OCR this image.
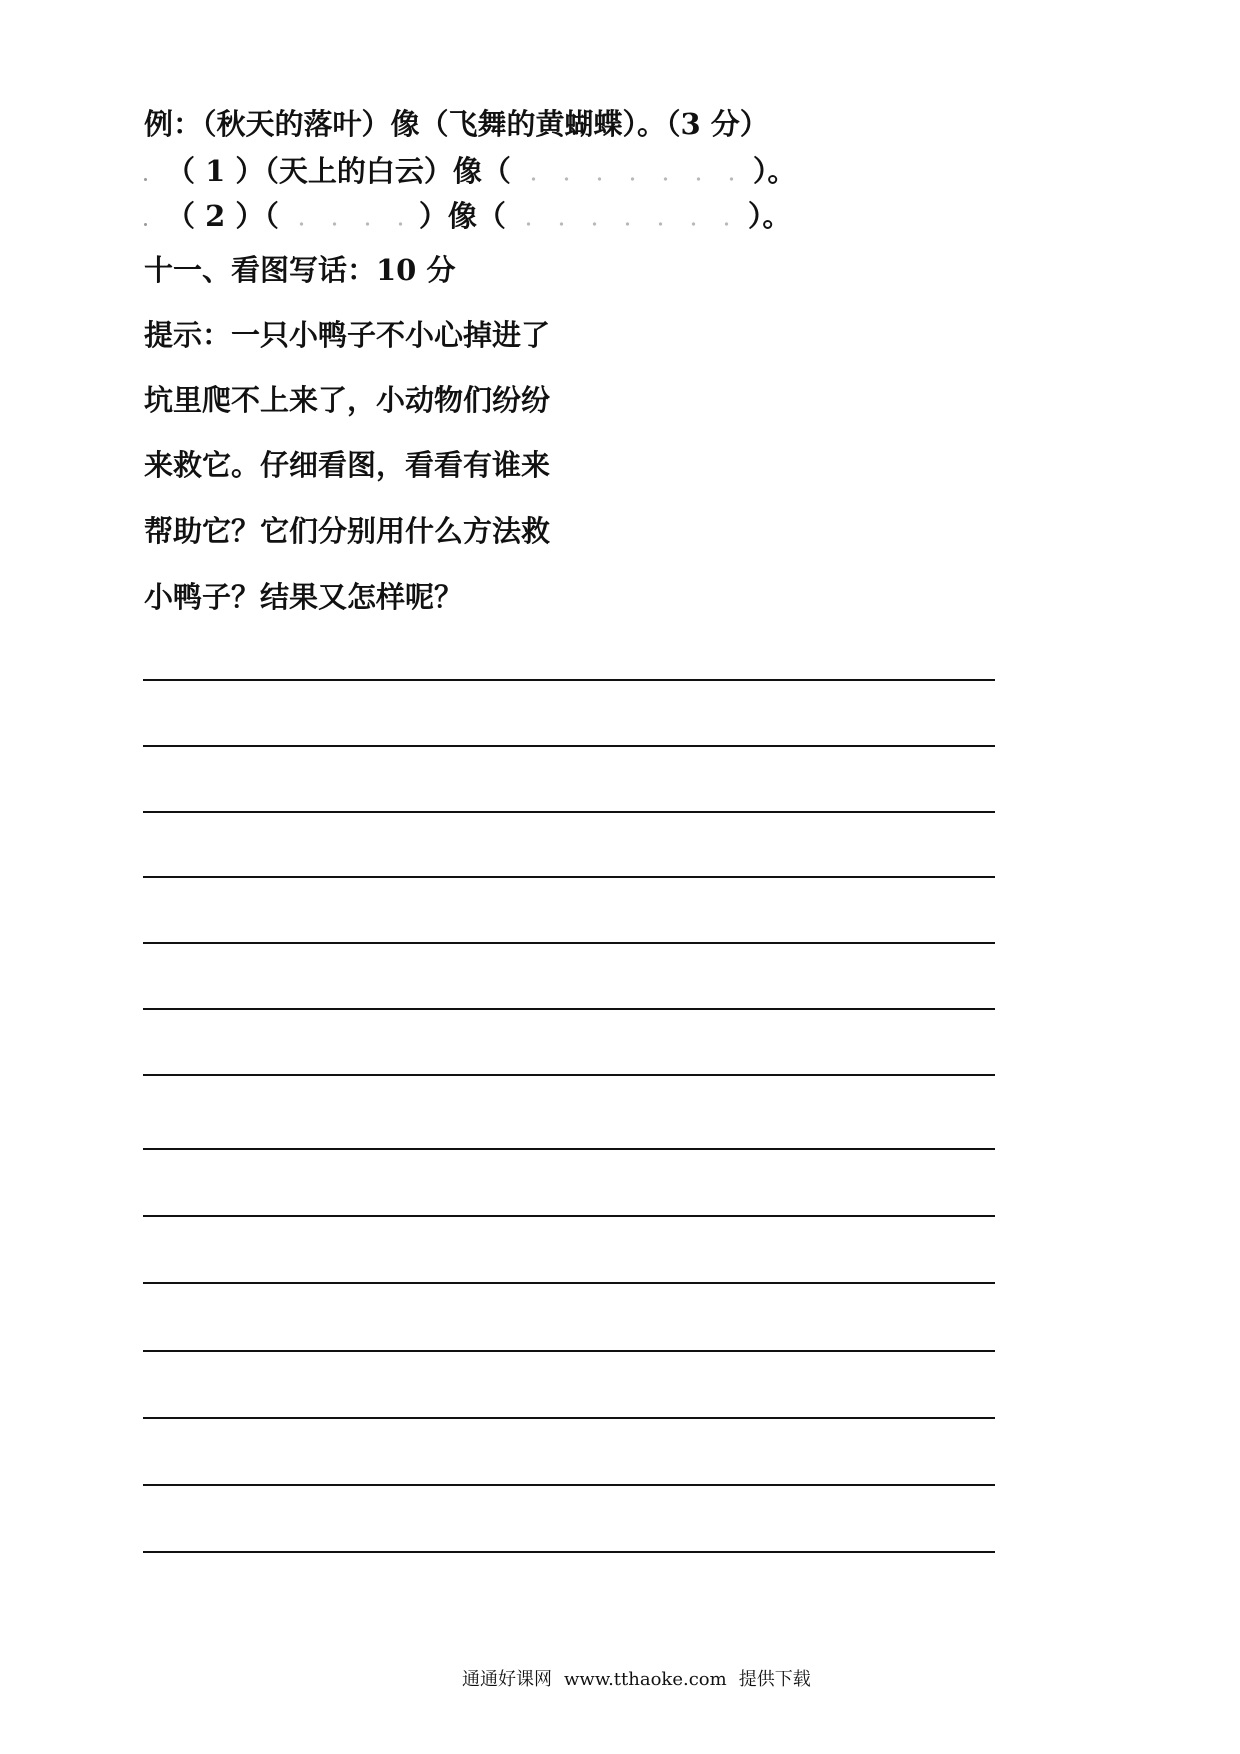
例：（秋天的落叶）像（飞舞的黄蝴蝶）。（3 分）
（ 1 ）（天上的白云）像（	）。
（ 2 ）（	）像（	）。
十一、看图写话：10 分
提示：一只小鸭子不小心掉进了
坑里爬不上来了，小动物们纷纷
来救它。仔细看图，看看有谁来
帮助它？它们分别用什么方法救
小鸭子？结果又怎样呢？
通通好课网 www.tthaoke.com 提供下载
